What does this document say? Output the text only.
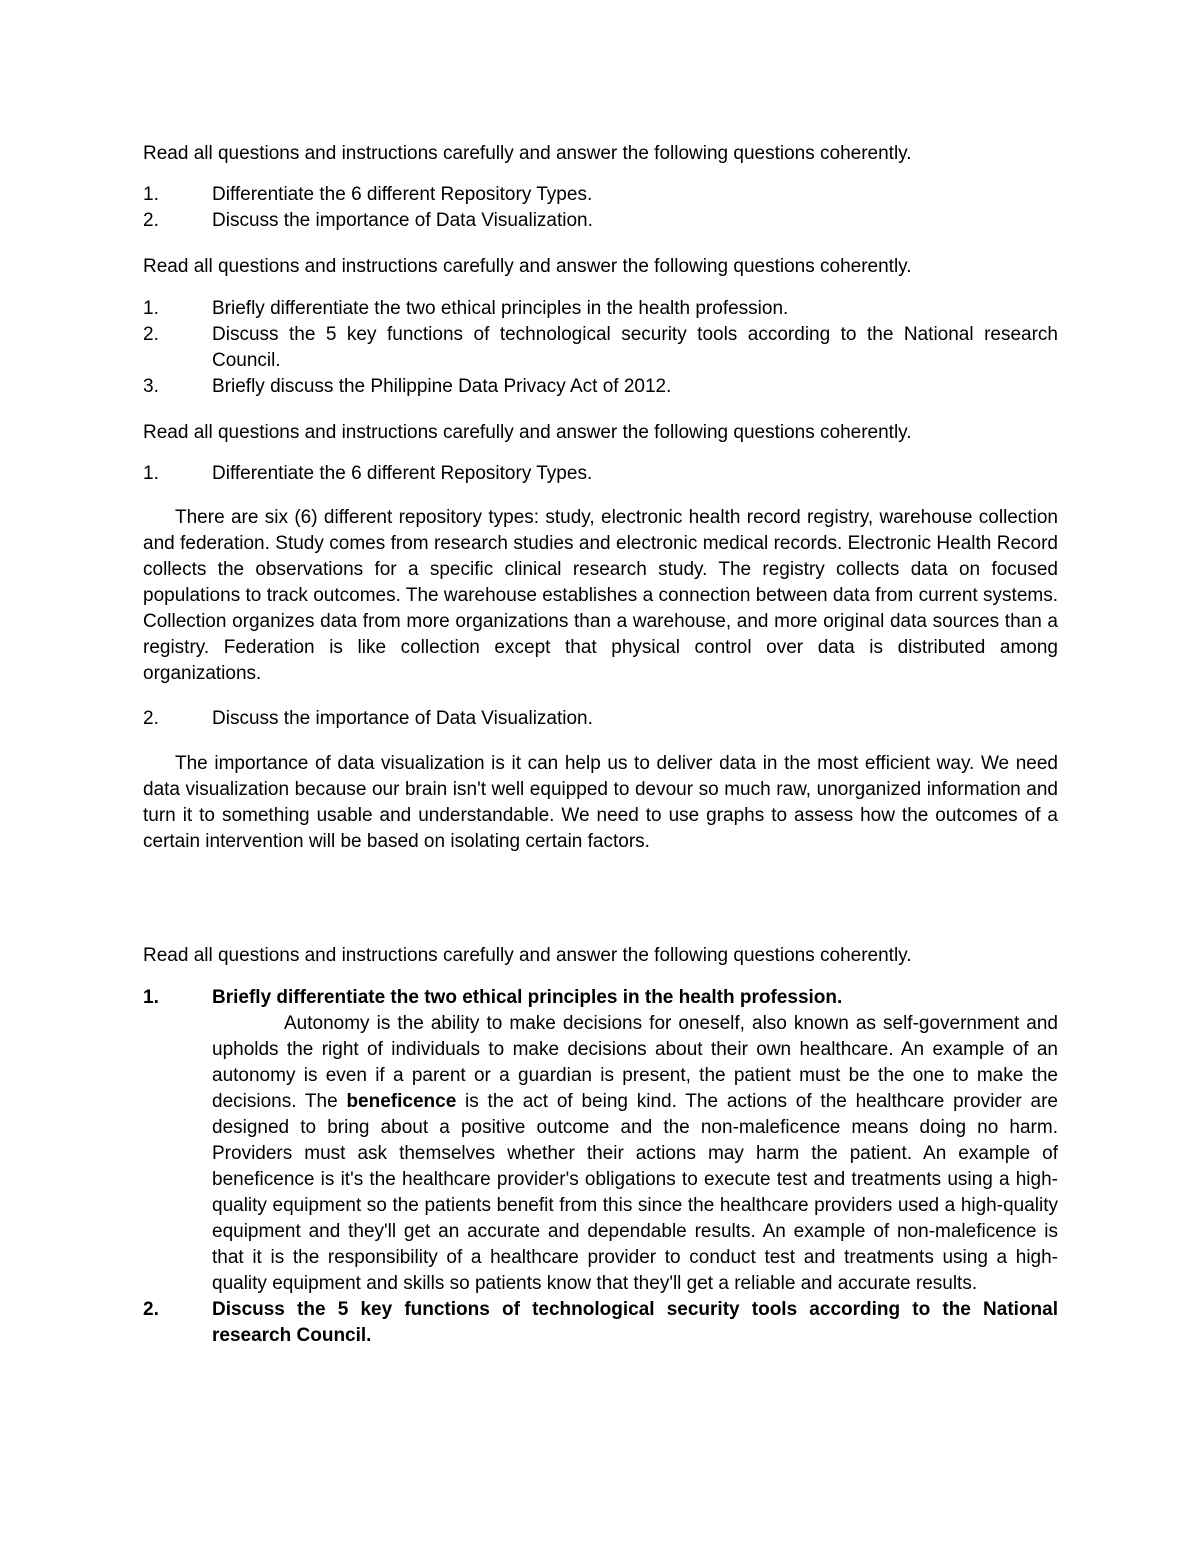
Read all questions and instructions carefully and answer the following questions coherently.
1.	Differentiate the 6 different Repository Types.
2.	Discuss the importance of Data Visualization.
Read all questions and instructions carefully and answer the following questions coherently.
1.	Briefly differentiate the two ethical principles in the health profession.
2.	Discuss the 5 key functions of technological security tools according to the National research Council.
3.	Briefly discuss the Philippine Data Privacy Act of 2012.
Read all questions and instructions carefully and answer the following questions coherently.
1.	Differentiate the 6 different Repository Types.

There are six (6) different repository types: study, electronic health record registry, warehouse collection and federation. Study comes from research studies and electronic medical records. Electronic Health Record collects the observations for a specific clinical research study. The registry collects data on focused populations to track outcomes. The warehouse establishes a connection between data from current systems. Collection organizes data from more organizations than a warehouse, and more original data sources than a registry. Federation is like collection except that physical control over data is distributed among organizations.

2.	Discuss the importance of Data Visualization.

The importance of data visualization is it can help us to deliver data in the most efficient way. We need data visualization because our brain isn't well equipped to devour so much raw, unorganized information and turn it to something usable and understandable. We need to use graphs to assess how the outcomes of a certain intervention will be based on isolating certain factors.

Read all questions and instructions carefully and answer the following questions coherently.
1.	Briefly differentiate the two ethical principles in the health profession.
Autonomy is the ability to make decisions for oneself, also known as self-government and upholds the right of individuals to make decisions about their own healthcare. An example of an autonomy is even if a parent or a guardian is present, the patient must be the one to make the decisions. The beneficence is the act of being kind. The actions of the healthcare provider are designed to bring about a positive outcome and the non-maleficence means doing no harm. Providers must ask themselves whether their actions may harm the patient. An example of beneficence is it's the healthcare provider's obligations to execute test and treatments using a high-quality equipment so the patients benefit from this since the healthcare providers used a high-quality equipment and they'll get an accurate and dependable results. An example of non-maleficence is that it is the responsibility of a healthcare provider to conduct test and treatments using a high-quality equipment and skills so patients know that they'll get a reliable and accurate results.
2.	Discuss the 5 key functions of technological security tools according to the National research Council.
